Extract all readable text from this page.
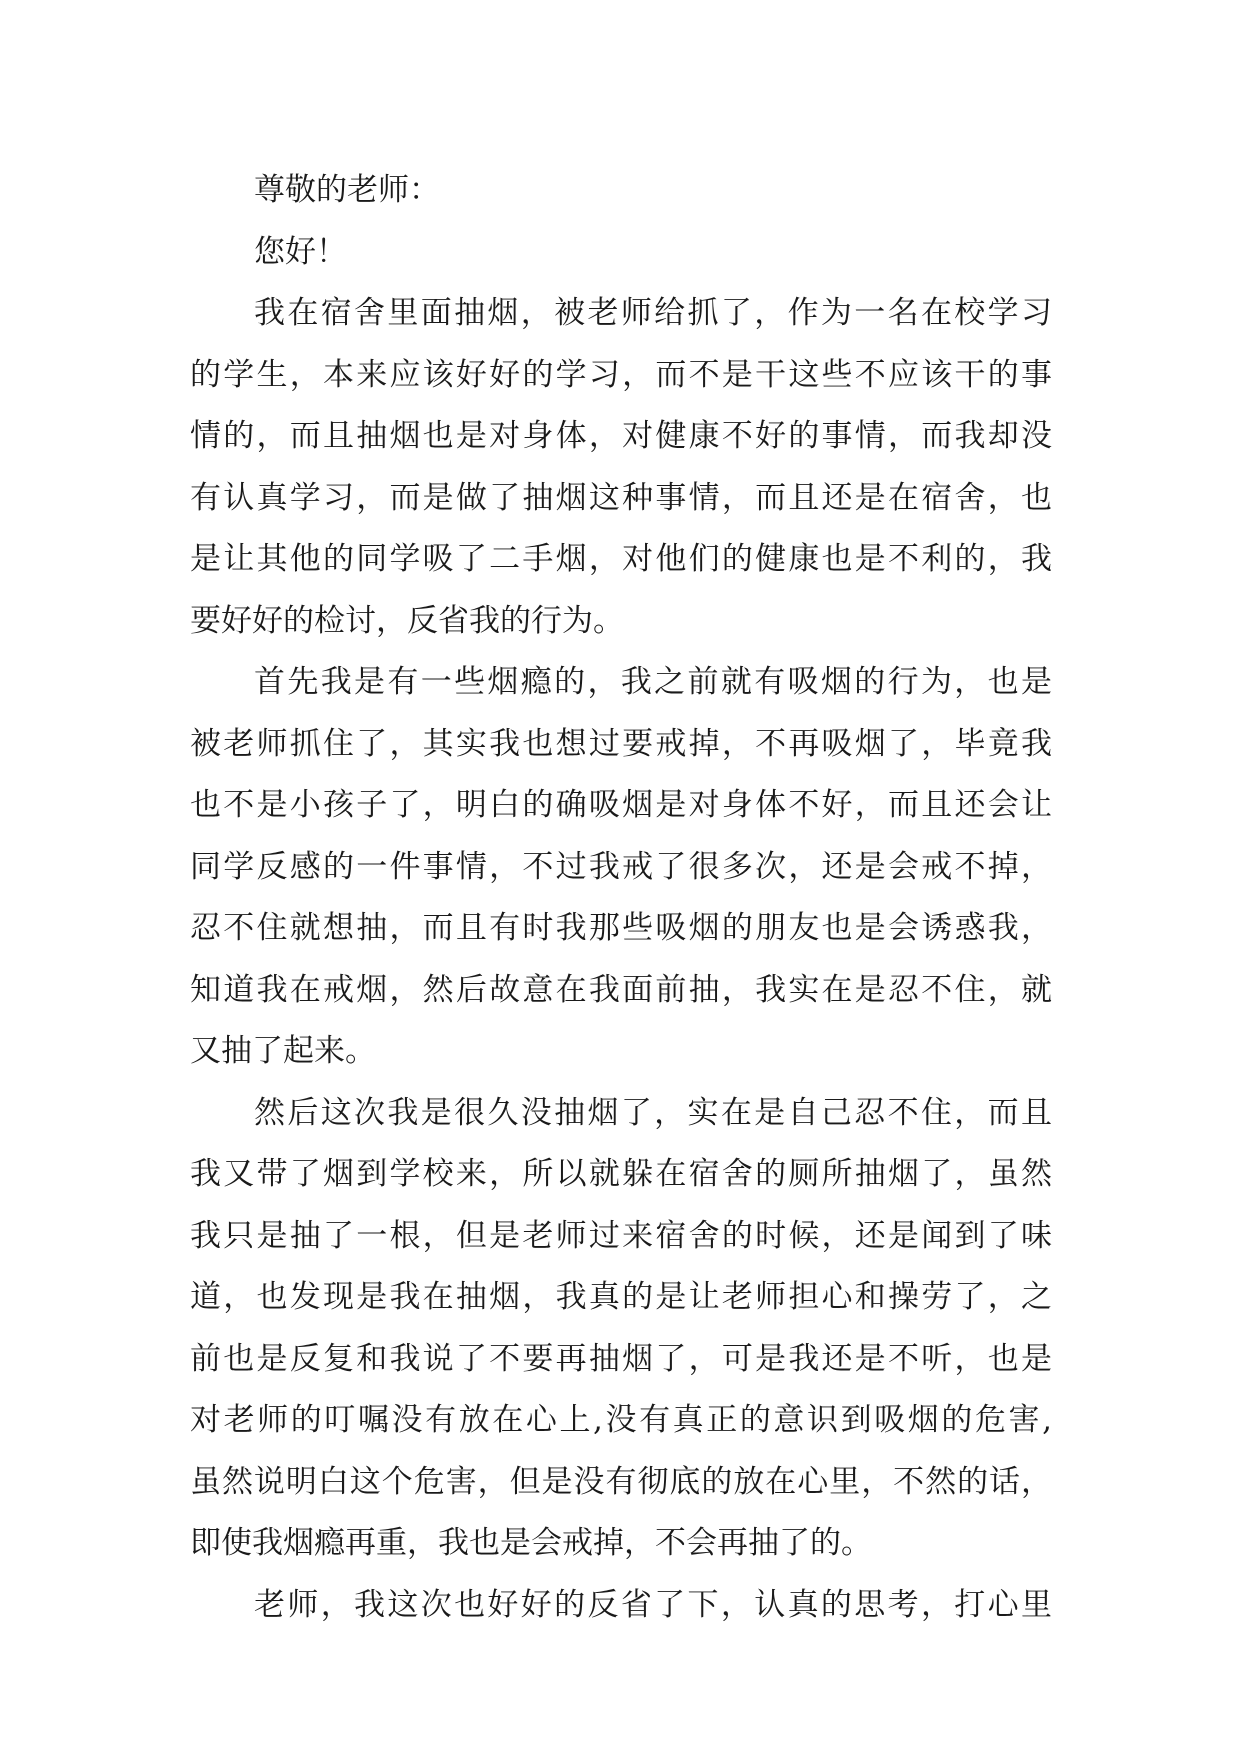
尊敬的老师：
您好！
我在宿舍里面抽烟，被老师给抓了，作为一名在校学习
的学生，本来应该好好的学习，而不是干这些不应该干的事
情的，而且抽烟也是对身体，对健康不好的事情，而我却没
有认真学习，而是做了抽烟这种事情，而且还是在宿舍，也
是让其他的同学吸了二手烟，对他们的健康也是不利的，我
要好好的检讨，反省我的行为。
首先我是有一些烟瘾的，我之前就有吸烟的行为，也是
被老师抓住了，其实我也想过要戒掉，不再吸烟了，毕竟我
也不是小孩子了，明白的确吸烟是对身体不好，而且还会让
同学反感的一件事情，不过我戒了很多次，还是会戒不掉，
忍不住就想抽，而且有时我那些吸烟的朋友也是会诱惑我，
知道我在戒烟，然后故意在我面前抽，我实在是忍不住，就
又抽了起来。
然后这次我是很久没抽烟了，实在是自己忍不住，而且
我又带了烟到学校来，所以就躲在宿舍的厕所抽烟了，虽然
我只是抽了一根，但是老师过来宿舍的时候，还是闻到了味
道，也发现是我在抽烟，我真的是让老师担心和操劳了，之
前也是反复和我说了不要再抽烟了，可是我还是不听，也是
对老师的叮嘱没有放在心上,没有真正的意识到吸烟的危害,
虽然说明白这个危害，但是没有彻底的放在心里，不然的话，
即使我烟瘾再重，我也是会戒掉，不会再抽了的。
老师，我这次也好好的反省了下，认真的思考，打心里
